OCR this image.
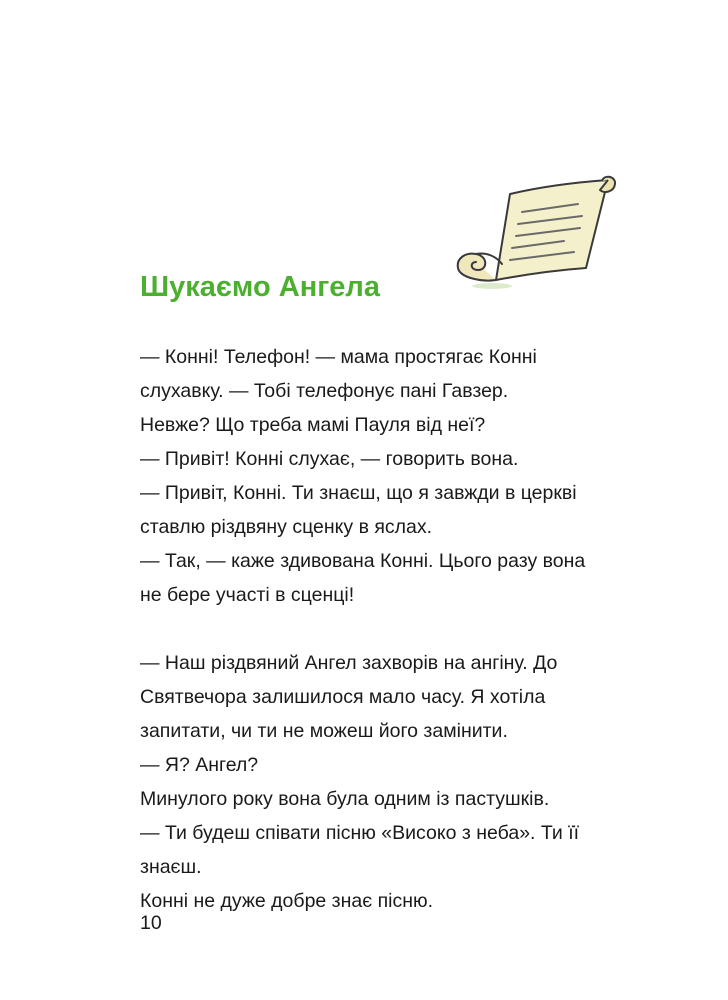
Шукаємо Ангела
— Конні! Телефон! — мама простягає Конні
слухавку. — Тобі телефонує пані Гавзер.
Невже? Що треба мамі Пауля від неї?
— Привіт! Конні слухає, — говорить вона.
— Привіт, Конні. Ти знаєш, що я завжди в церкві
ставлю різдвяну сценку в яслах.
— Так, — каже здивована Конні. Цього разу вона
не бере участі в сценці!
— Наш різдвяний Ангел захворів на ангіну. До
Святвечора залишилося мало часу. Я хотіла
запитати, чи ти не можеш його замінити.
— Я? Ангел?
Минулого року вона була одним із пастушків.
— Ти будеш співати пісню «Високо з неба». Ти її
знаєш.
Конні не дуже добре знає пісню.
10
